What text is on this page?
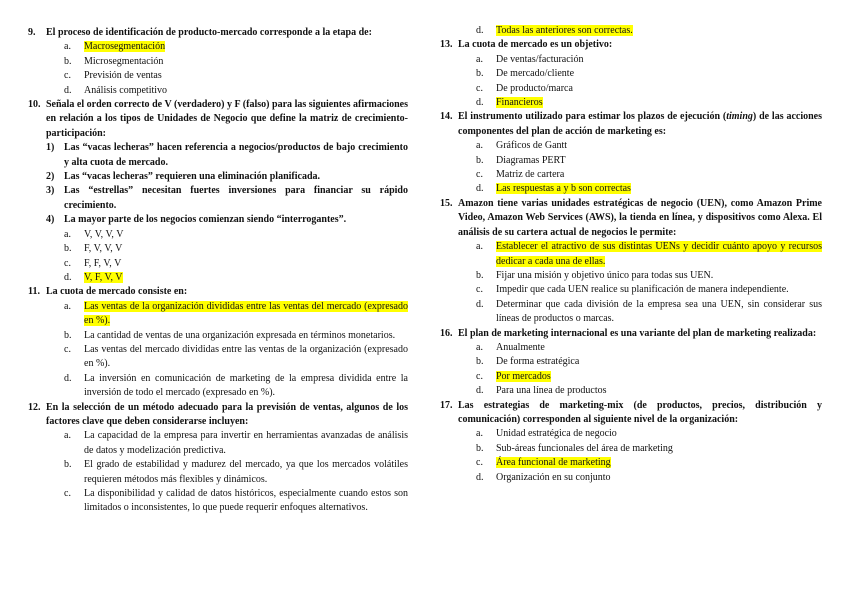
9. El proceso de identificación de producto-mercado corresponde a la etapa de:
a. Macrosegmentación
b. Microsegmentación
c. Previsión de ventas
d. Análisis competitivo
10. Señala el orden correcto de V (verdadero) y F (falso) para las siguientes afirmaciones en relación a los tipos de Unidades de Negocio que define la matriz de crecimiento-participación:
1) Las “vacas lecheras” hacen referencia a negocios/productos de bajo crecimiento y alta cuota de mercado.
2) Las “vacas lecheras” requieren una eliminación planificada.
3) Las “estrellas” necesitan fuertes inversiones para financiar su rápido crecimiento.
4) La mayor parte de los negocios comienzan siendo “interrogantes”.
a. V, V, V, V
b. F, V, V, V
c. F, F, V, V
d. V, F, V, V
11. La cuota de mercado consiste en:
a. Las ventas de la organización divididas entre las ventas del mercado (expresado en %).
b. La cantidad de ventas de una organización expresada en términos monetarios.
c. Las ventas del mercado divididas entre las ventas de la organización (expresado en %).
d. La inversión en comunicación de marketing de la empresa dividida entre la inversión de todo el mercado (expresado en %).
12. En la selección de un método adecuado para la previsión de ventas, algunos de los factores clave que deben considerarse incluyen:
a. La capacidad de la empresa para invertir en herramientas avanzadas de análisis de datos y modelización predictiva.
b. El grado de estabilidad y madurez del mercado, ya que los mercados volátiles requieren métodos más flexibles y dinámicos.
c. La disponibilidad y calidad de datos históricos, especialmente cuando estos son limitados o inconsistentes, lo que puede requerir enfoques alternativos.
d. Todas las anteriores son correctas.
13. La cuota de mercado es un objetivo:
a. De ventas/facturación
b. De mercado/cliente
c. De producto/marca
d. Financieros
14. El instrumento utilizado para estimar los plazos de ejecución (timing) de las acciones componentes del plan de acción de marketing es:
a. Gráficos de Gantt
b. Diagramas PERT
c. Matriz de cartera
d. Las respuestas a y b son correctas
15. Amazon tiene varias unidades estratégicas de negocio (UEN), como Amazon Prime Video, Amazon Web Services (AWS), la tienda en línea, y dispositivos como Alexa. El análisis de su cartera actual de negocios le permite:
a. Establecer el atractivo de sus distintas UENs y decidir cuánto apoyo y recursos dedicar a cada una de ellas.
b. Fijar una misión y objetivo único para todas sus UEN.
c. Impedir que cada UEN realice su planificación de manera independiente.
d. Determinar que cada división de la empresa sea una UEN, sin considerar sus líneas de productos o marcas.
16. El plan de marketing internacional es una variante del plan de marketing realizada:
a. Anualmente
b. De forma estratégica
c. Por mercados
d. Para una línea de productos
17. Las estrategias de marketing-mix (de productos, precios, distribución y comunicación) corresponden al siguiente nivel de la organización:
a. Unidad estratégica de negocio
b. Sub-áreas funcionales del área de marketing
c. Área funcional de marketing
d. Organización en su conjunto
